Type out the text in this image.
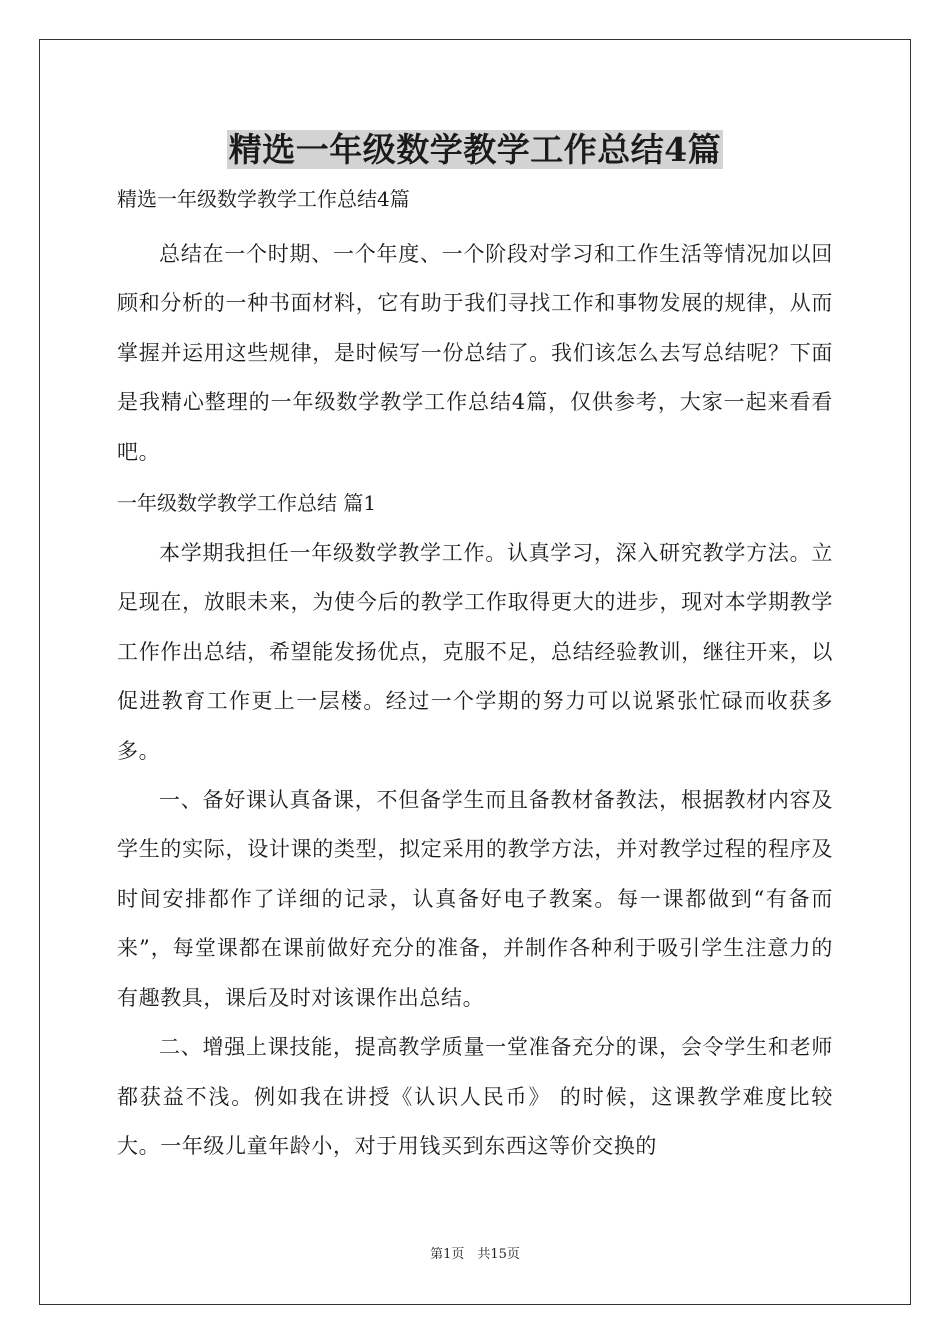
精选一年级数学教学工作总结4篇

精选一年级数学教学工作总结4篇

总结在一个时期、一个年度、一个阶段对学习和工作生活等情况加以回顾和分析的一种书面材料，它有助于我们寻找工作和事物发展的规律，从而掌握并运用这些规律，是时候写一份总结了。我们该怎么去写总结呢？下面是我精心整理的一年级数学教学工作总结4篇，仅供参考，大家一起来看看吧。

一年级数学教学工作总结 篇1

本学期我担任一年级数学教学工作。认真学习，深入研究教学方法。立足现在，放眼未来，为使今后的教学工作取得更大的进步，现对本学期教学工作作出总结，希望能发扬优点，克服不足，总结经验教训，继往开来，以促进教育工作更上一层楼。经过一个学期的努力可以说紧张忙碌而收获多多。

一、备好课认真备课，不但备学生而且备教材备教法，根据教材内容及学生的实际，设计课的类型，拟定采用的教学方法，并对教学过程的程序及时间安排都作了详细的记录，认真备好电子教案。每一课都做到“有备而来”，每堂课都在课前做好充分的准备，并制作各种利于吸引学生注意力的有趣教具，课后及时对该课作出总结。

二、增强上课技能，提高教学质量一堂准备充分的课，会令学生和老师都获益不浅。例如我在讲授《认识人民币》 的时候，这课教学难度比较大。一年级儿童年龄小，对于用钱买到东西这等价交换的

第1页　共15页
